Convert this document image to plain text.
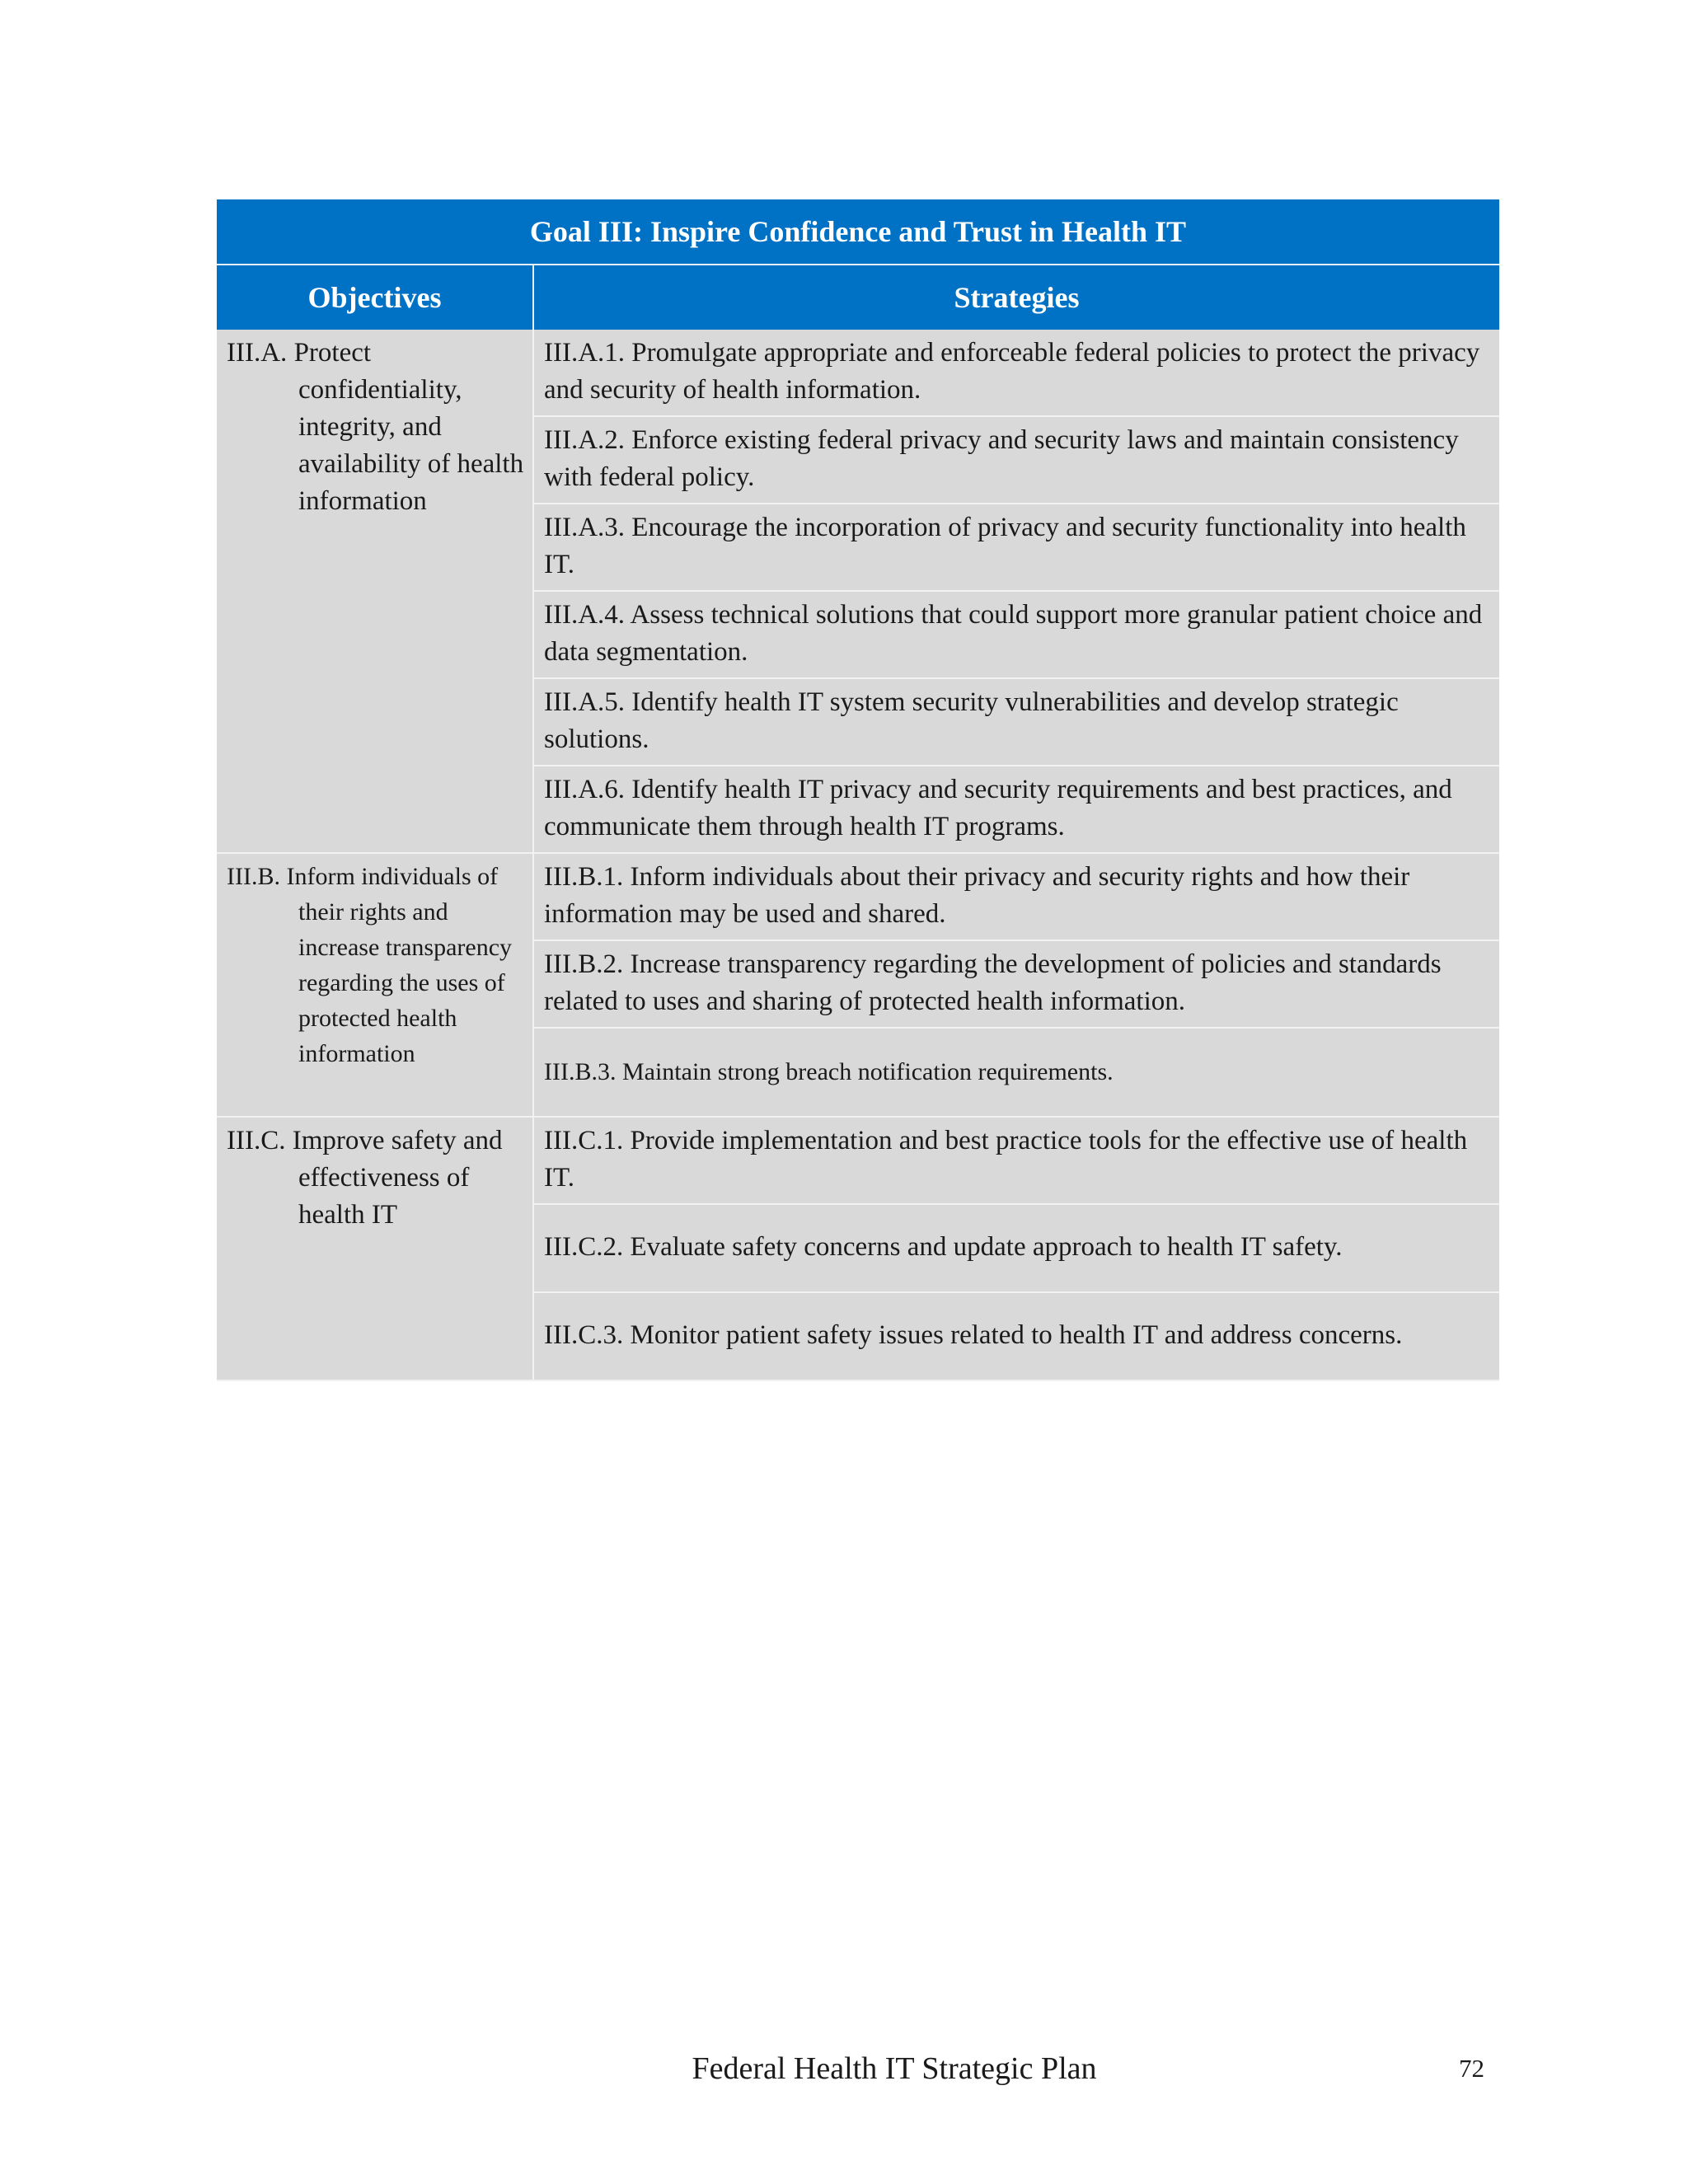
Goal III: Inspire Confidence and Trust in Health IT	
Objectives	Strategies

III.A. Protect confidentiality, integrity, and availability of health information	III.A.1. Promulgate appropriate and enforceable federal policies to protect the privacy and security of health information.
	III.A.2. Enforce existing federal privacy and security laws and maintain consistency with federal policy.
	III.A.3. Encourage the incorporation of privacy and security functionality into health IT.
	III.A.4. Assess technical solutions that could support more granular patient choice and data segmentation.
	III.A.5. Identify health IT system security vulnerabilities and develop strategic solutions.
	III.A.6. Identify health IT privacy and security requirements and best practices, and communicate them through health IT programs.

III.B. Inform individuals of their rights and increase transparency regarding the uses of protected health information	III.B.1. Inform individuals about their privacy and security rights and how their information may be used and shared.
	III.B.2. Increase transparency regarding the development of policies and standards related to uses and sharing of protected health information.
	III.B.3. Maintain strong breach notification requirements.

III.C. Improve safety and effectiveness of health IT	III.C.1. Provide implementation and best practice tools for the effective use of health IT.
	III.C.2. Evaluate safety concerns and update approach to health IT safety.
	III.C.3. Monitor patient safety issues related to health IT and address concerns.
Federal Health IT Strategic Plan	72
